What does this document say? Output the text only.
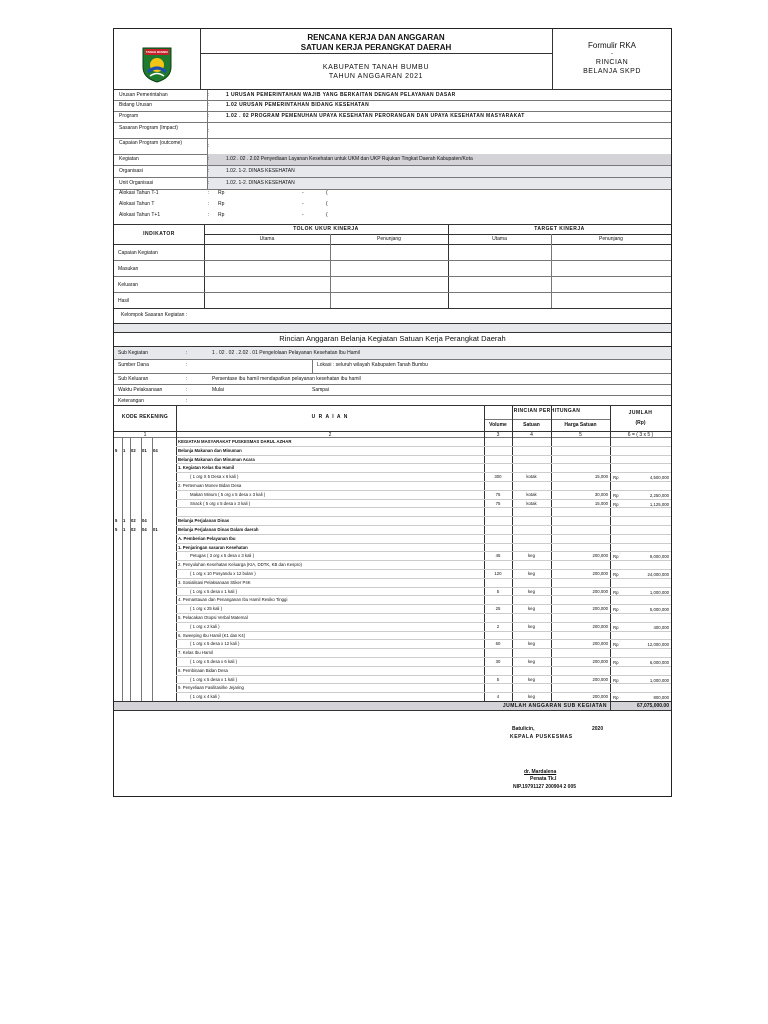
TANAH BUMBU
RENCANA KERJA DAN ANGGARAN
SATUAN KERJA PERANGKAT DAERAH
KABUPATEN TANAH BUMBU
TAHUN ANGGARAN 2021
Formulir RKA
-
RINCIAN
BELANJA SKPD
Urusan Pemerintahan	:	1 URUSAN PEMERINTAHAN WAJIB YANG BERKAITAN DENGAN PELAYANAN DASAR
Bidang Urusan	:	1.02 URUSAN PEMERINTAHAN BIDANG KESEHATAN
Program	:	1.02 . 02 PROGRAM PEMENUHAN UPAYA KESEHATAN PERORANGAN DAN UPAYA KESEHATAN MASYARAKAT
Sasaran Program (Impact)	:
Capaian Program (outcome)	:
Kegiatan	:	1.02 . 02 . 2.02 Penyediaan Layanan Kesehatan untuk UKM dan UKP Rujukan Tingkat Daerah Kabupaten/Kota
Organisasi	:	1.02. 1-2. DINAS KESEHATAN
Unit Organisasi	:	1.02. 1-2. DINAS KESEHATAN
Alokasi Tahun T-1	: Rp	-	(
Alokasi Tahun T	: Rp	-	(
Alokasi Tahun T+1	: Rp	-	(
INDIKATOR
TOLOK UKUR KINERJA	TARGET KINERJA
Utama	Penunjang	Utama	Penunjang
Capaian Kegiatan
Masukan
Keluaran
Hasil
Kelompok Sasaran Kegiatan :
Rincian Anggaran Belanja Kegiatan Satuan Kerja Perangkat Daerah
Sub Kegiatan	:	1 . 02 . 02 . 2.02 . 01 Pengelolaan Pelayanan Kesehatan Ibu Hamil
Sumber Dana	:	Lokasi : seluruh wilayah Kabupaten Tanah Bumbu
Sub Keluaran	:	Persentase ibu hamil mendapatkan pelayanan kesehatan ibu hamil
Waktu Pelaksanaan	:	Mulai	Sampai
Keterangan	:
KODE REKENING	U R A I A N
RINCIAN PERHITUNGAN
Volume	Satuan	Harga Satuan
JUMLAH
(Rp)
1	2	3	4	5	6 = ( 3 x 5 )
KEGIATAN MASYARAKAT PUSKESMAS DARUL AZHAR
5 1 02 01 04	Belanja Makanan dan Minuman
Belanja Makanan dan Minuman Acara
1. Kegiatan Kelas Ibu Hamil
( 1 org X 5 Desa x 6 kali )	300	kotak	15,000 Rp	4,500,000
2. Pertemuan Monev Bidan Desa
Makan Minum ( 5 org x 5 desa x 3 kali )	75	kotak	30,000 Rp	2,250,000
Snack ( 5 org x 5 desa x 3 kali )	75	kotak	15,000 Rp	1,125,000
5 1 02 04	Belanja Perjalanan Dinas
5 1 02 04 01	Belanja Perjalanan Dinas Dalam daerah
A. Pemberian Pelayanan Ibu
1. Penjaringan sasaran Kesehatan
Petugas ( 3 org x 5 desa x 3 kali )	45	keg	200,000 Rp	9,000,000
2. Penyuluhan Kesehatan Keluarga (KIA, DDTK, KB dan Kespro)
( 1 org x 10 Posyandu x 12 bulan )	120	keg	200,000 Rp	24,000,000
3. Sosialisasi Pelaksanaan Stiker P4K
( 1 org x 5 desa x 1 kali )	5	keg	200,000 Rp	1,000,000
4. Pemantauan dan Penanganan Ibu Hamil Resiko Tinggi
( 1 org x 25 kali )	25	keg	200,000 Rp	5,000,000
5. Pelacakan Otopsi Verbal Maternal
( 1 org x 2 kali )	2	keg	200,000 Rp	400,000
6. Sweeping Ibu Hamil (K1 dan K4)
( 1 org x 5 desa x 12 kali )	60	keg	200,000 Rp	12,000,000
7. Kelas Ibu Hamil
( 1 org x 5 desa x 6 kali )	30	keg	200,000 Rp	6,000,000
8. Pembinaan Bidan Desa
( 1 org x 5 desa x 1 kali )	5	keg	200,000 Rp	1,000,000
9. Penyeliaan Fasilitasi/ke Jejaring
( 1 org x 4 kali )	4	keg	200,000 Rp	800,000
JUMLAH ANGGARAN SUB KEGIATAN	67,075,000.00
Batulicin,	2020
KEPALA PUSKESMAS
dr. Mardalena
Penata Tk.I
NIP.19791127 200904 2 005
